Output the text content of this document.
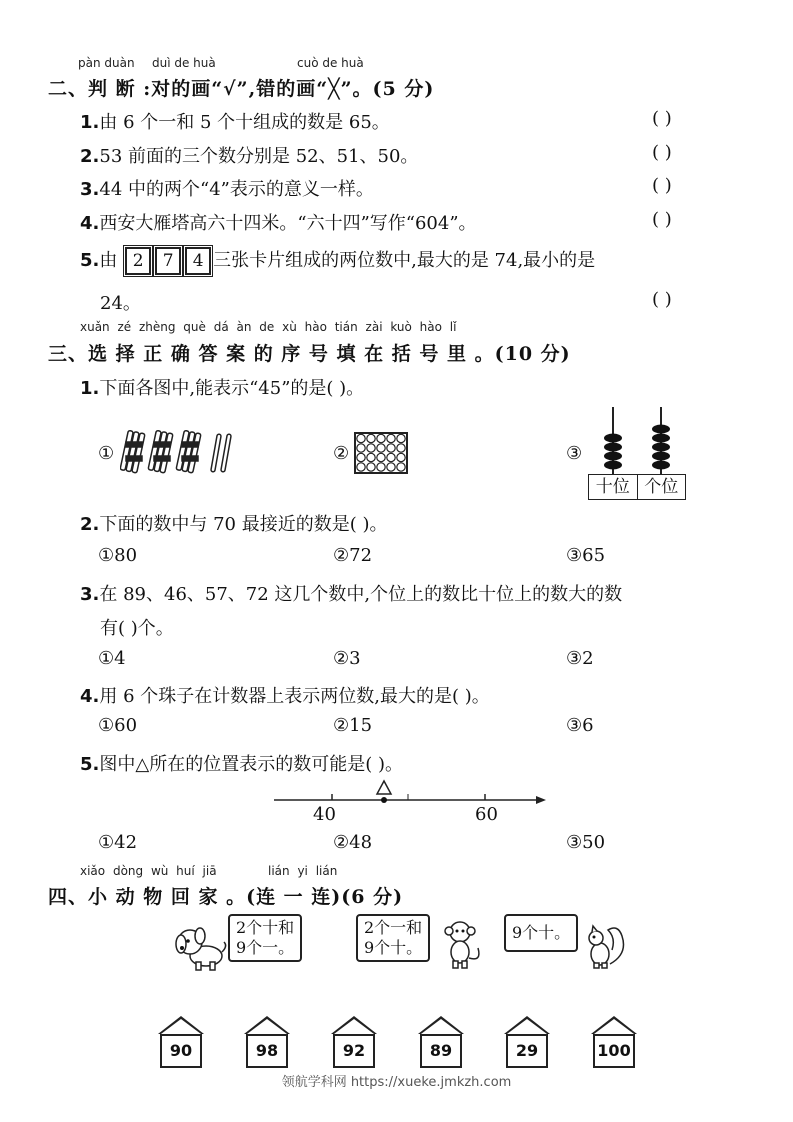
pàn duàn duì de huà	cuò de huà
二、判 断 :对的画“√”,错的画“╳”。(5 分)
1.由 6 个一和 5 个十组成的数是 65。	( )
2.53 前面的三个数分别是 52、51、50。	( )
3.44 中的两个“4”表示的意义一样。	( )
4.西安大雁塔高六十四米。“六十四”写作“604”。	( )
5.由 2 7 4 三张卡片组成的两位数中,最大的是 74,最小的是
24。	( )
xuǎn zé zhèng què dá àn de xù hào tián zài kuò hào lǐ
三、选 择 正 确 答 案 的 序 号 填 在 括 号 里 。(10 分)
1.下面各图中,能表示“45”的是( )。
①	②	③
十位 个位
2.下面的数中与 70 最接近的数是( )。
①80	②72	③65
3.在 89、46、57、72 这几个数中,个位上的数比十位上的数大的数
有( )个。
①4	②3	③2
4.用 6 个珠子在计数器上表示两位数,最大的是( )。
①60	②15	③6
5.图中△所在的位置表示的数可能是( )。
40	60
①42	②48	③50
xiǎo dòng wù huí jiā	lián yi lián
四、小 动 物 回 家 。(连 一 连)(6 分)
2个十和
9个一。
2个一和
9个十。
9个十。
90	98	92	89	29	100
领航学科网 https://xueke.jmkzh.com
